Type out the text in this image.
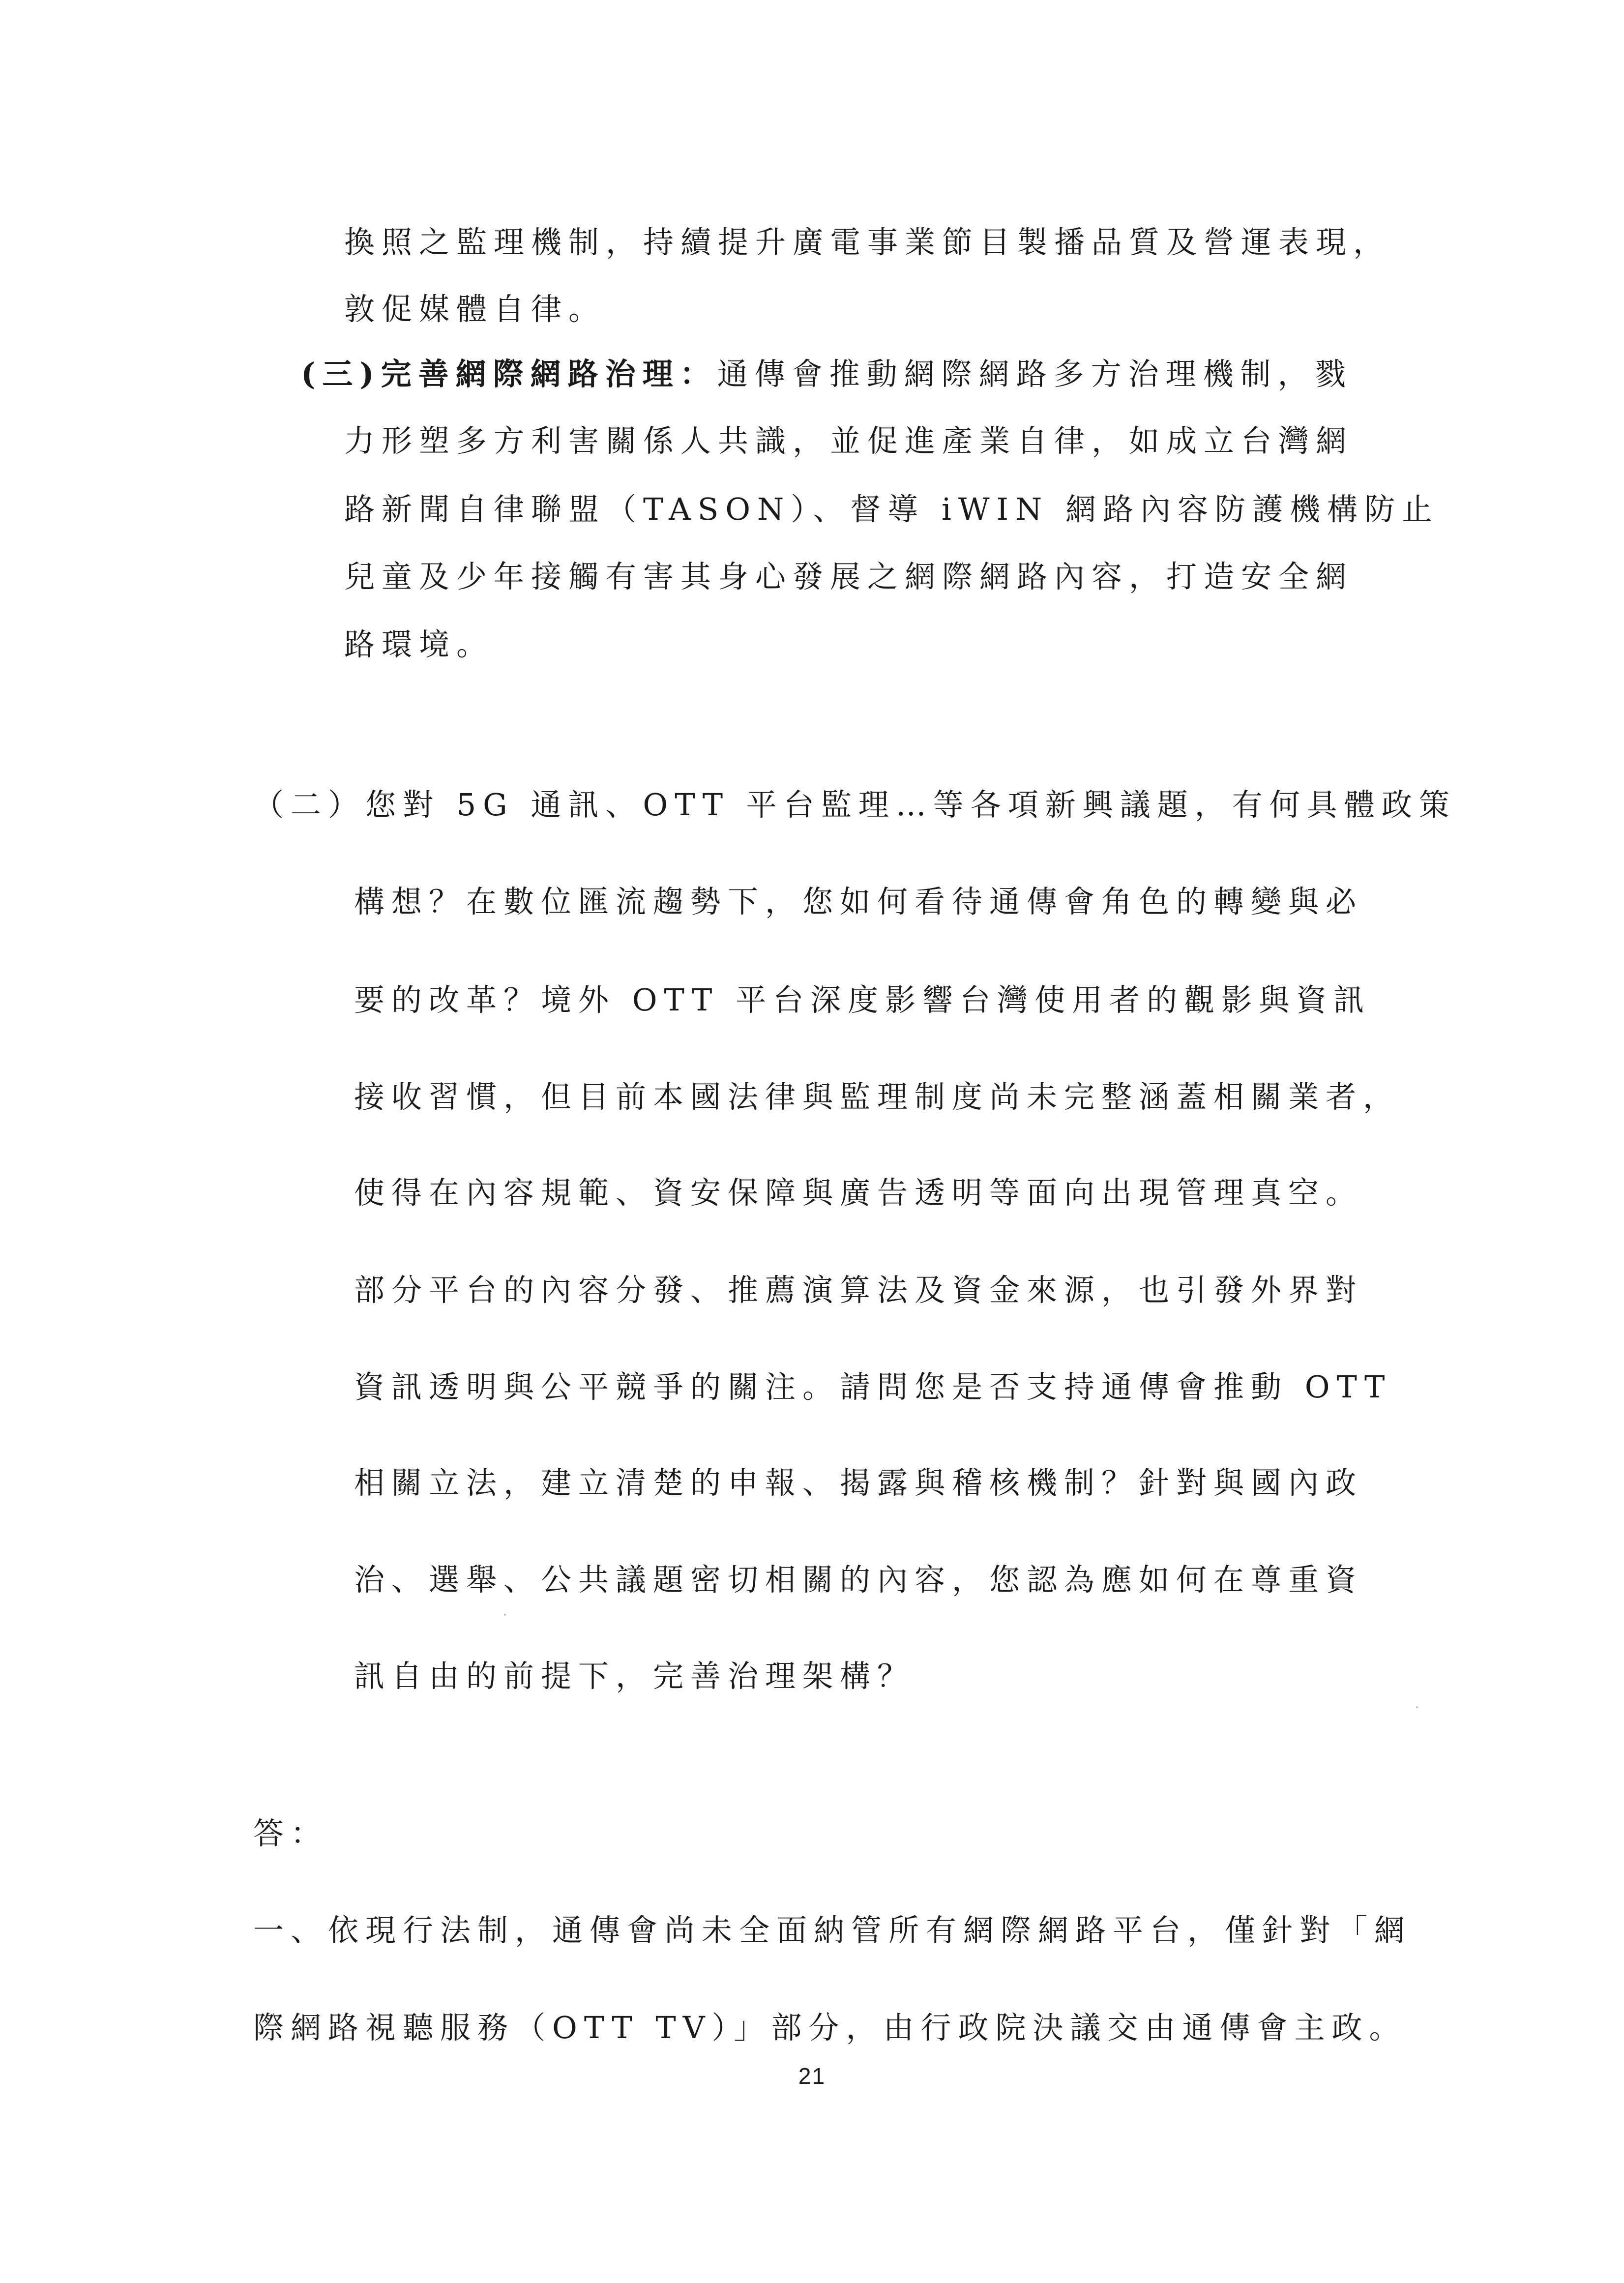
換照之監理機制，持續提升廣電事業節目製播品質及營運表現，
敦促媒體自律。
(三)完善網際網路治理：通傳會推動網際網路多方治理機制，戮
力形塑多方利害關係人共識，並促進產業自律，如成立台灣網
路新聞自律聯盟（TASON）、督導 iWIN 網路內容防護機構防止
兒童及少年接觸有害其身心發展之網際網路內容，打造安全網
路環境。
（二）您對 5G 通訊、OTT 平台監理…等各項新興議題，有何具體政策
構想？在數位匯流趨勢下，您如何看待通傳會角色的轉變與必
要的改革？境外 OTT 平台深度影響台灣使用者的觀影與資訊
接收習慣，但目前本國法律與監理制度尚未完整涵蓋相關業者，
使得在內容規範、資安保障與廣告透明等面向出現管理真空。
部分平台的內容分發、推薦演算法及資金來源，也引發外界對
資訊透明與公平競爭的關注。請問您是否支持通傳會推動 OTT
相關立法，建立清楚的申報、揭露與稽核機制？針對與國內政
治、選舉、公共議題密切相關的內容，您認為應如何在尊重資
訊自由的前提下，完善治理架構？
答：
一、依現行法制，通傳會尚未全面納管所有網際網路平台，僅針對「網
際網路視聽服務（OTT TV）」部分，由行政院決議交由通傳會主政。
21
